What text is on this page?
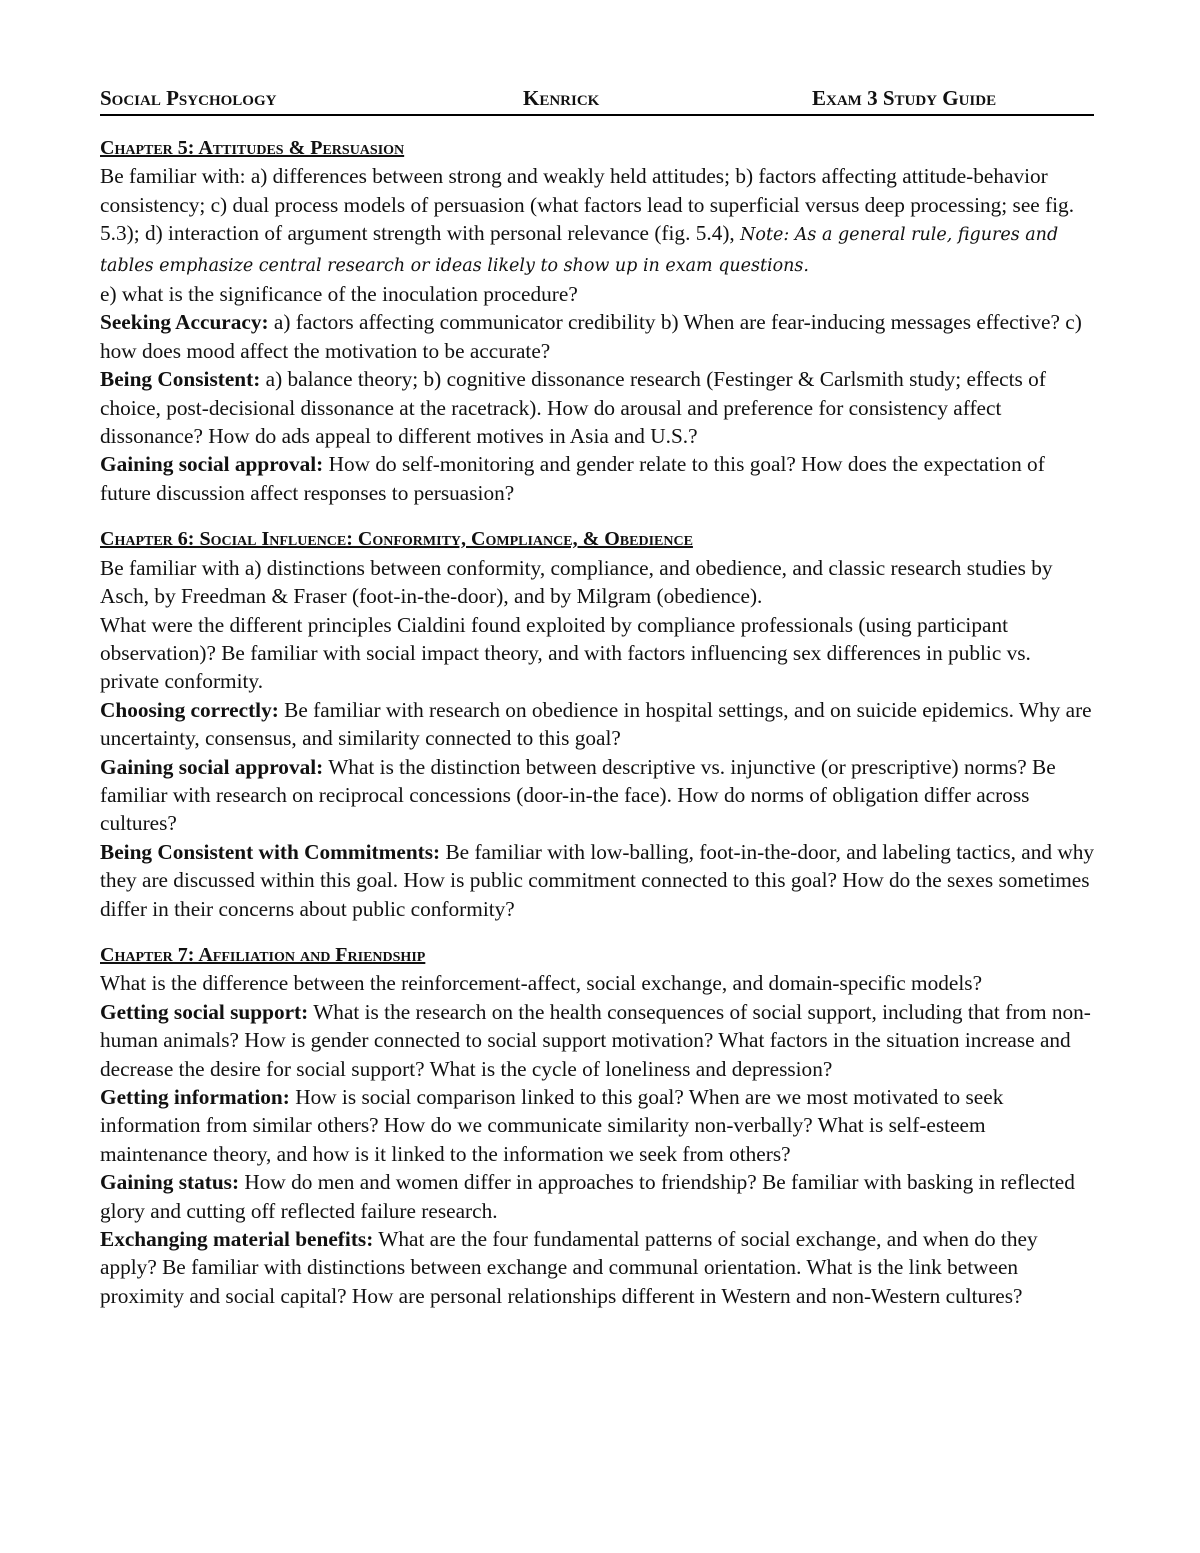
Social Psychology	Kenrick	Exam 3 Study Guide
Chapter 5: Attitudes & Persuasion

Be familiar with: a) differences between strong and weakly held attitudes; b) factors affecting attitude-behavior consistency; c) dual process models of persuasion (what factors lead to superficial versus deep processing; see fig. 5.3); d) interaction of argument strength with personal relevance (fig. 5.4), Note: As a general rule, figures and tables emphasize central research or ideas likely to show up in exam questions.

e) what is the significance of the inoculation procedure?

Seeking Accuracy: a) factors affecting communicator credibility b) When are fear-inducing messages effective? c) how does mood affect the motivation to be accurate?

Being Consistent: a) balance theory; b) cognitive dissonance research (Festinger & Carlsmith study; effects of choice, post-decisional dissonance at the racetrack). How do arousal and preference for consistency affect dissonance? How do ads appeal to different motives in Asia and U.S.?

Gaining social approval: How do self-monitoring and gender relate to this goal? How does the expectation of future discussion affect responses to persuasion?

Chapter 6: Social Influence: Conformity, Compliance, & Obedience

Be familiar with a) distinctions between conformity, compliance, and obedience, and classic research studies by Asch, by Freedman & Fraser (foot-in-the-door), and by Milgram (obedience).

What were the different principles Cialdini found exploited by compliance professionals (using participant observation)? Be familiar with social impact theory, and with factors influencing sex differences in public vs. private conformity.

Choosing correctly: Be familiar with research on obedience in hospital settings, and on suicide epidemics. Why are uncertainty, consensus, and similarity connected to this goal?

Gaining social approval: What is the distinction between descriptive vs. injunctive (or prescriptive) norms? Be familiar with research on reciprocal concessions (door-in-the face). How do norms of obligation differ across cultures?

Being Consistent with Commitments: Be familiar with low-balling, foot-in-the-door, and labeling tactics, and why they are discussed within this goal. How is public commitment connected to this goal? How do the sexes sometimes differ in their concerns about public conformity?

Chapter 7: Affiliation and Friendship

What is the difference between the reinforcement-affect, social exchange, and domain-specific models?

Getting social support: What is the research on the health consequences of social support, including that from non-human animals? How is gender connected to social support motivation? What factors in the situation increase and decrease the desire for social support? What is the cycle of loneliness and depression?

Getting information: How is social comparison linked to this goal? When are we most motivated to seek information from similar others? How do we communicate similarity non-verbally? What is self-esteem maintenance theory, and how is it linked to the information we seek from others?

Gaining status: How do men and women differ in approaches to friendship? Be familiar with basking in reflected glory and cutting off reflected failure research.

Exchanging material benefits: What are the four fundamental patterns of social exchange, and when do they apply? Be familiar with distinctions between exchange and communal orientation. What is the link between proximity and social capital? How are personal relationships different in Western and non-Western cultures?
